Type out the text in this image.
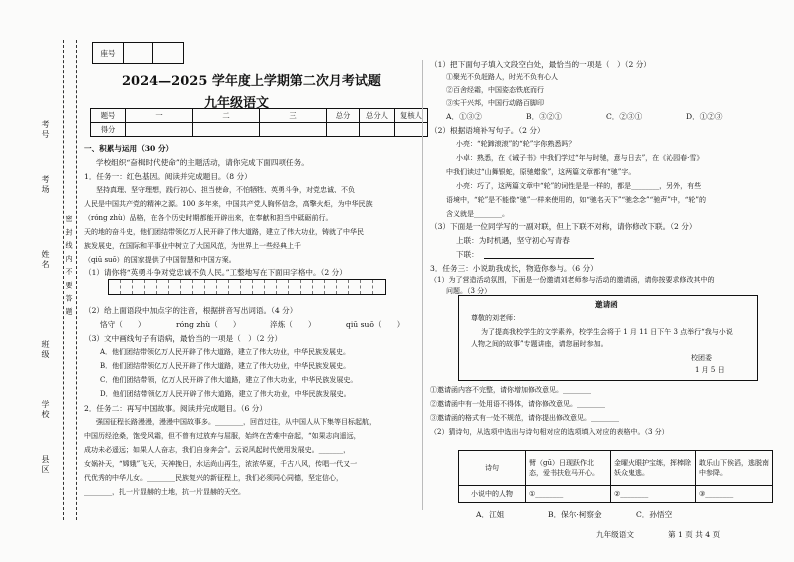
座号		
2024—2025 学年度上学期第二次月考试题
九年级语文
题号	一	二	三	总分	总分人	复核人
得分						
考号
考场
姓名
班级
学校
县区
密 封 线 内 不 要 答 题
一、积累与运用（30 分）
学校组织“奋楫时代使命”的主题活动，请你完成下面四项任务。
1．任务一：红色基因。阅读并完成题目。（8 分）
坚持真理、坚守理想，践行初心、担当使命，不怕牺牲、英勇斗争，对党忠诚、不负
人民是中国共产党的精神之源。100 多年来，中国共产党人胸怀信念，高擎火炬，为中华民族
（róng zhù）品格，在各个历史时期都能开辟出来，在奉献和担当中砥砺前行。
天的地的奋斗史，他们团结带领亿万人民开辟了伟大道路，建立了伟大功业，铸就了中华民
族发展史，在国际和平事业中树立了大国风范，为世界上一些经典上千
（qiū suō）的国家提供了中国智慧和中国方案。
（1）请你将“英勇斗争对党忠诚不负人民。”工整地写在下面田字格中。（2 分）
（2）给上面语段中加点字的注音，根据拼音写出词语。（4 分）
恪守（　　）	róng zhù（　　）	淬炼（　　）	qiū suō（　　）
（3）文中画线句子有语病，最恰当的一项是（　）（2 分）
A．他们团结带领亿万人民开辟了伟大道路，建立了伟大功业，中华民族发展史。
B．他们团结带领亿万人民开辟了伟大道路，建立了伟大功业，中华民族发展史。
C．他们团结带领，亿万人民开辟了伟大道路，建立了伟大功业，中华民族发展史。
D．他们团结带领亿万人民开辟了伟大道路，建立了伟大功业，中华民族发展史。
2．任务二：再写中国故事。阅读并完成题目。（6 分）
强国征程长路漫漫，漫漫中国故事多。________，回首过往，从中国人从下集等目标起航，
中国历经沧桑，饱受风霜，但不曾有过放弃与屈服，始终在苦难中奋起，“如果志向遥远，
成功未必遥远；如果人人奋志，我们自身奔会”。云说风起时代使用发展史。_______，
女娲补天，“嫦娥”飞天，天神挽日，水运尚山再生，浓浓华夏，千古八风，传唱一代又一
代优秀的中华儿女。________民族复兴的新征程上，我们必须同心同德，坚定信心，
________，扎一片显赫的土地，抗一片显赫的天空。
（1）把下面句子填入文段空白处，最恰当的一项是（　）（2 分）
①聚光不负赶路人，时光不负有心人
②百舍经霜，中国姿态铁底而行
③实干兴邦，中国行动路百脚印
A．①③②	B．③②①	C．②③①	D．①②③
（2）根据语境补写句子。（2 分）
小亮：“轮蹄滚滚”的“轮”字你熟悉吗？
小卓：熟悉，在《诫子书》中我们学过“年与时驰，意与日去”，在《沁园春·雪》
中我们读过“山舞银蛇，原驰蜡象”，这两篇文章都有“驰”字。
小亮：巧了，这两篇文章中“轮”的词性是是一样的，都是________，另外，有些
语境中，“轮”是不能像“驰”一样来使用的，如“驰名天下”“驰念念”“驰声”中，“轮”的
含义就是________。
（3）下面是一位同学写的一副对联，但上下联不对称，请你修改下联。（2 分）
上联：为时机遇，坚守初心写青春
下联：
3．任务三：小说助我成长，物造你参与。（6 分）
（1）为了营造活动氛围，下面是一份邀请刘老师参与活动的邀请函，请你按要求修改其中的
问题。（3 分）
邀请函
尊敬的刘老师：
为了提高我校学生的文学素养，校学生会将于 1 月 11 日下午 3 点举行“我与小说
人物之间的故事”专题讲座，请您届时参加。
校团委
1 月 5 日
①邀请函内容不完整，请你增加修改意见。________
②邀请函中有一处用语不得体，请你修改意见。________
③邀请函的格式有一处不规范，请你提出修改意见。________
（2）猜诗句，从选项中选出与诗句相对应的选项填入对应的表格中。（3 分）
诗句	臂（gū）日现跃作北态，爱书扶危马开心。	金曜火眼护宝练，挥棒除妖众鬼逃。	敢乐山下俟滔，逃脱南中参降。
小说中的人物	①________	②________	③________
A．江姐	B．保尔·柯察金	C．孙悟空
九年级语文	第 1 页 共 4 页
